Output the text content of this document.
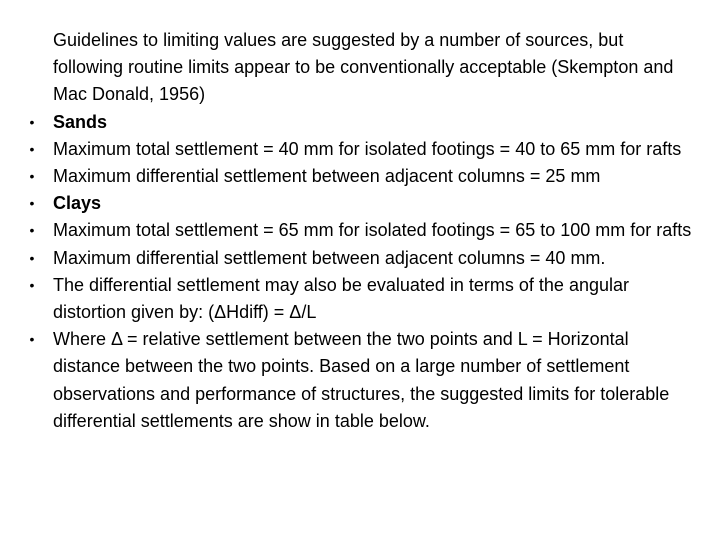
Guidelines to limiting values are suggested by a number of sources, but following routine limits appear to be conventionally acceptable (Skempton and Mac Donald, 1956)
• Sands
• Maximum total settlement = 40 mm for isolated footings = 40 to 65 mm for rafts
• Maximum differential settlement between adjacent columns = 25 mm
• Clays
• Maximum total settlement = 65 mm for isolated footings = 65 to 100 mm for rafts
• Maximum differential settlement between adjacent columns = 40 mm.
• The differential settlement may also be evaluated in terms of the angular distortion given by: (ΔHdiff) = Δ/L
• Where Δ = relative settlement between the two points and L = Horizontal distance between the two points. Based on a large number of settlement observations and performance of structures, the suggested limits for tolerable differential settlements are show in table below.
